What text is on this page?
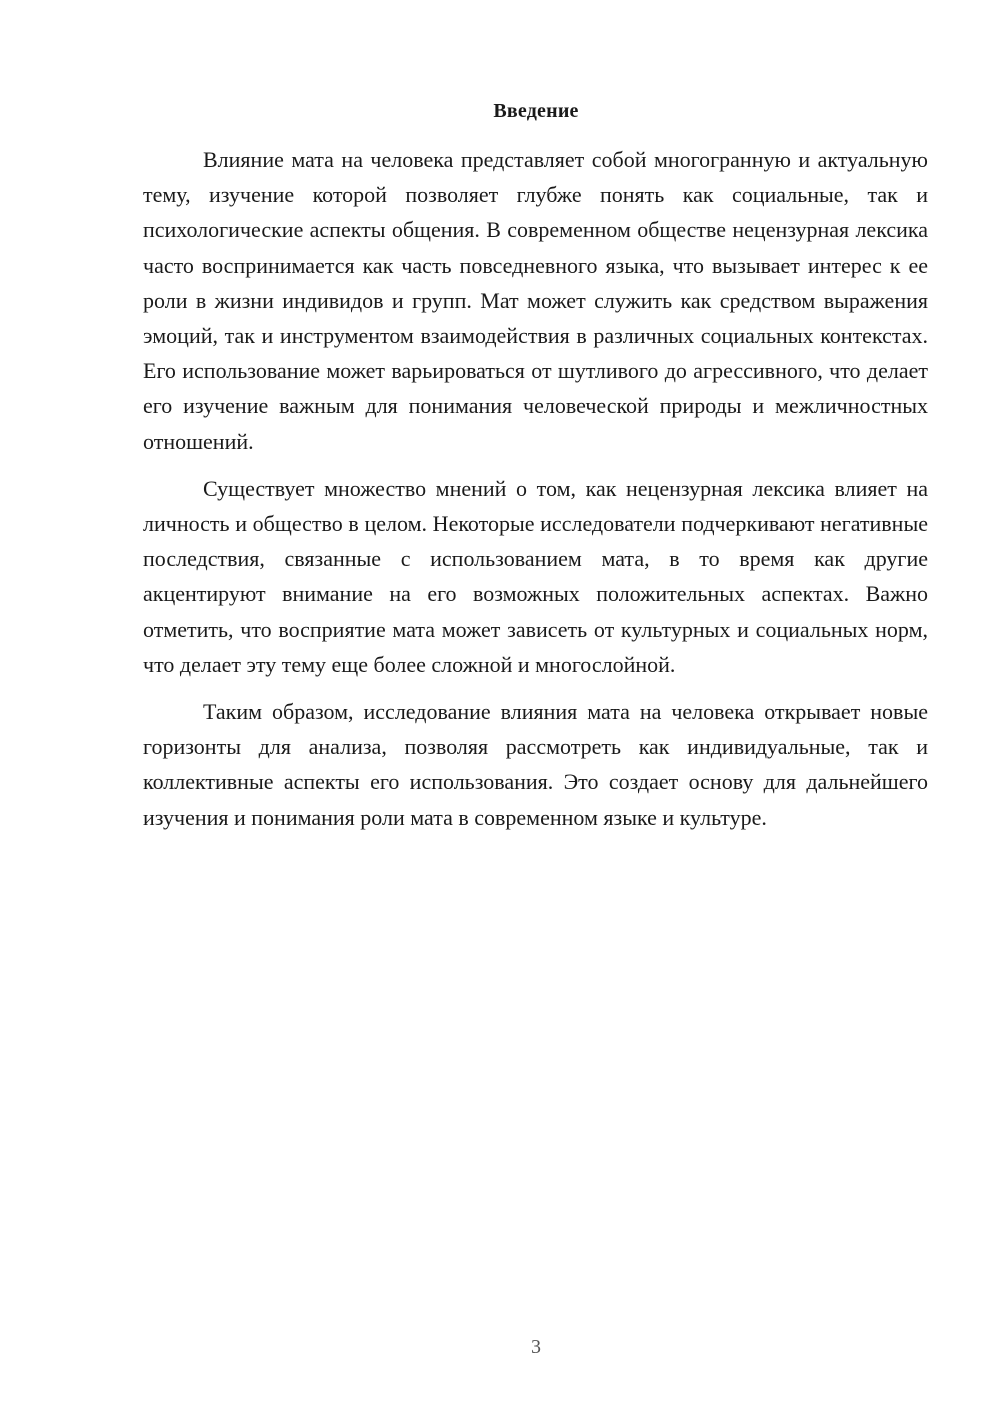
Введение

Влияние мата на человека представляет собой многогранную и актуальную тему, изучение которой позволяет глубже понять как социальные, так и психологические аспекты общения. В современном обществе нецензурная лексика часто воспринимается как часть повседневного языка, что вызывает интерес к ее роли в жизни индивидов и групп. Мат может служить как средством выражения эмоций, так и инструментом взаимодействия в различных социальных контекстах. Его использование может варьироваться от шутливого до агрессивного, что делает его изучение важным для понимания человеческой природы и межличностных отношений.

Существует множество мнений о том, как нецензурная лексика влияет на личность и общество в целом. Некоторые исследователи подчеркивают негативные последствия, связанные с использованием мата, в то время как другие акцентируют внимание на его возможных положительных аспектах. Важно отметить, что восприятие мата может зависеть от культурных и социальных норм, что делает эту тему еще более сложной и многослойной.

Таким образом, исследование влияния мата на человека открывает новые горизонты для анализа, позволяя рассмотреть как индивидуальные, так и коллективные аспекты его использования. Это создает основу для дальнейшего изучения и понимания роли мата в современном языке и культуре.

3
